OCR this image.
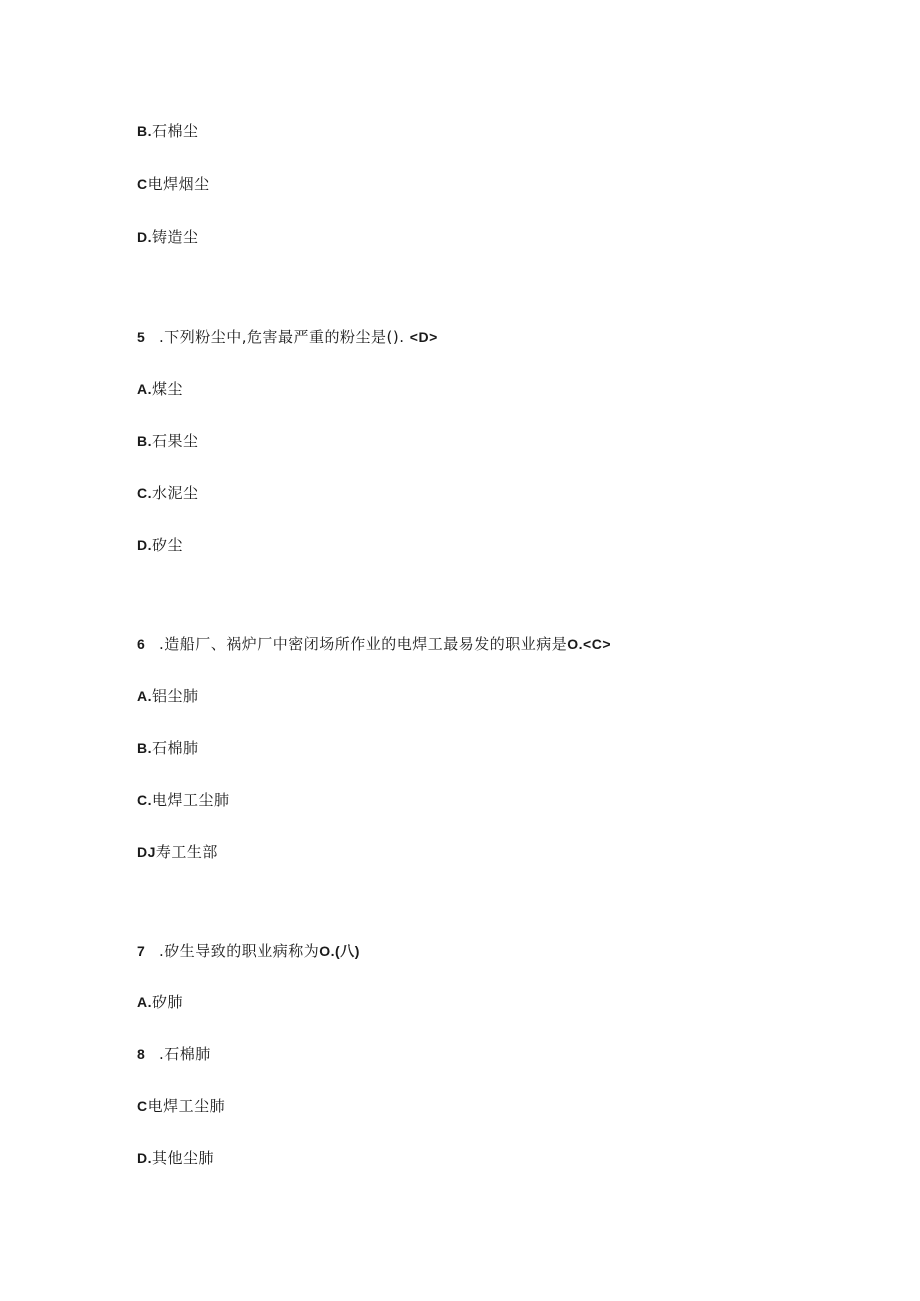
B.石棉尘
C电焊烟尘
D.铸造尘
5 .下列粉尘中,危害最严重的粉尘是(). <D>
A.煤尘
B.石果尘
C.水泥尘
D.矽尘
6 .造船厂、祸炉厂中密闭场所作业的电焊工最易发的职业病是O.<C>
A.铝尘肺
B.石棉肺
C.电焊工尘肺
DJ寿工生部
7 .矽生导致的职业病称为O.(八)
A.矽肺
8 .石棉肺
C电焊工尘肺
D.其他尘肺
